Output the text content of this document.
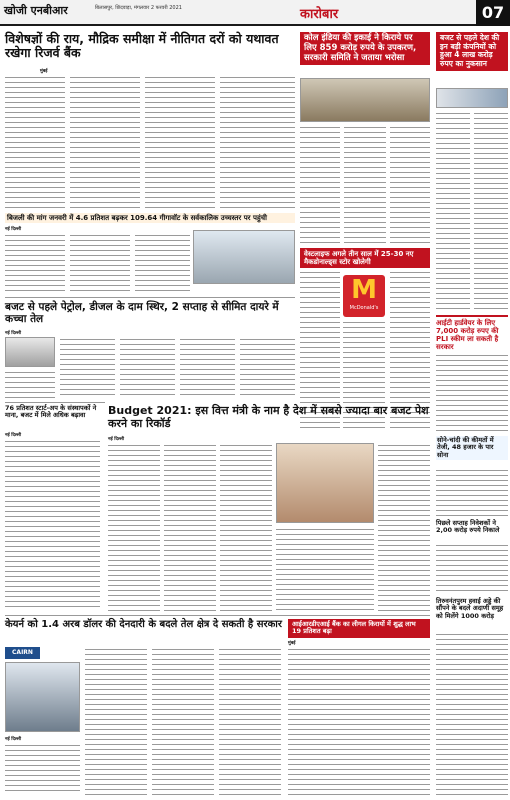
खोजी एनबीआर	बिलासपुर, छिंदवाड़ा, मंगलवार 2 फरवरी 2021	कारोबार	07
विशेषज्ञों की राय, मौद्रिक समीक्षा में नीतिगत दरों को यथावत रखेगा रिजर्व बैंक
मुंबई
कोल इंडिया की इकाई ने किराये पर लिए 859 करोड़ रुपये के उपकरण, सरकारी समिति ने जताया भरोसा
बजट से पहले देश की इन बड़ी कंपनियों को हुआ 4 लाख करोड़ रुपए का नुकसान
बिजली की मांग जनवरी में 4.6 प्रतिशत बढ़कर 109.64 गीगावॉट के सर्वकालिक उच्चस्तर पर पहुंची
नई दिल्ली
बजट से पहले पेट्रोल, डीजल के दाम स्थिर, 2 सप्ताह से सीमित दायरे में कच्चा तेल
नई दिल्ली
वेस्टलाइफ अगले तीन साल में 25-30 नए मैकडोनाल्ड्स स्टोर खोलेगी
M
McDonald's
आईटी हार्डवेयर के लिए 7,000 करोड़ रुपए की PLI स्कीम ला सकती है सरकार
76 प्रतिशत स्टार्ट-अप के संस्थापकों ने माना, बजट में मिले अधिक बढ़ावा
नई दिल्ली
Budget 2021: इस वित्त मंत्री के नाम है देश में सबसे ज्यादा बार बजट पेश करने का रिकॉर्ड
नई दिल्ली	सोने-चांदी की कीमतों में तेजी, 48 हजार के पार सोना
पिछले सप्ताह निवेशकों ने 2,00 करोड़ रुपये निकाले
तिरुवनंतपुरम हवाई अड्डे की सौंपने के बदले अदाणी समूह को मिलेंगे 1000 करोड़
केयर्न को 1.4 अरब डॉलर की देनदारी के बदले तेल क्षेत्र दे सकती है सरकार
CAIRN
नई दिल्ली
आईआरडीएआई बैंक का लीगल किरायों में शुद्ध लाभ 19 प्रतिशत बढ़ा
मुंबई
